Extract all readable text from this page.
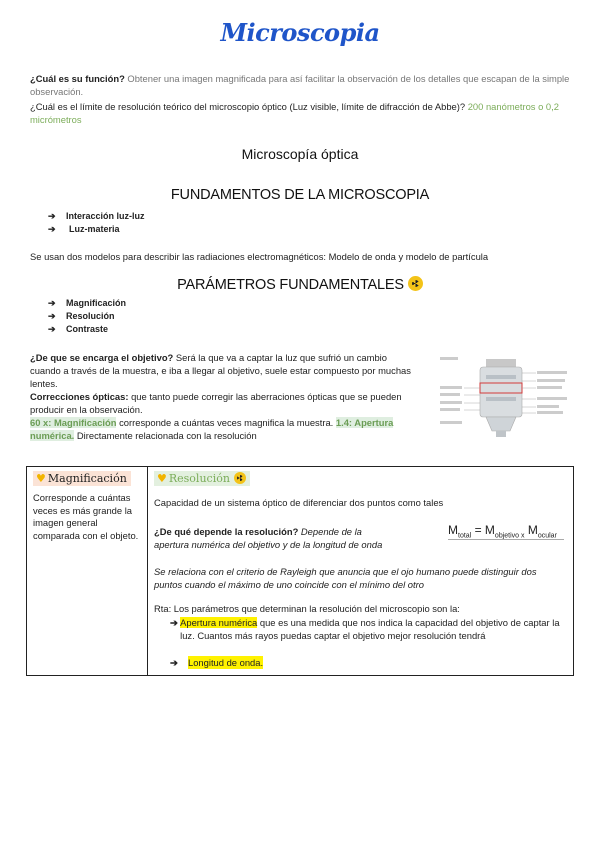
Microscopia
¿Cuál es su función? Obtener una imagen magnificada para así facilitar la observación de los detalles que escapan de la simple observación.
¿Cuál es el límite de resolución teórico del microscopio óptico (Luz visible, límite de difracción de Abbe)? 200 nanómetros o 0,2 micrómetros
Microscopía óptica
FUNDAMENTOS DE LA MICROSCOPIA
➔	Interacción luz-luz
➔	Luz-materia
Se usan dos modelos para describir las radiaciones electromagnéticos: Modelo de onda y modelo de partícula
PARÁMETROS FUNDAMENTALES
➔	Magnificación
➔	Resolución
➔	Contraste
¿De que se encarga el objetivo? Será la que va a captar la luz que sufrió un cambio cuando a través de la muestra, e iba a llegar al objetivo, suele estar compuesto por muchas lentes.
Correcciones ópticas: que tanto puede corregir las aberraciones ópticas que se pueden producir en la observación.
60 x: Magnificación corresponde a cuántas veces magnifica la muestra. 1.4: Apertura numérica. Directamente relacionada con la resolución
♥ Magnificación
Corresponde a cuántas veces es más grande la imagen general comparada con el objeto.
	♥ Resolución
Capacidad de un sistema óptico de diferenciar dos puntos como tales
¿De qué depende la resolución? Depende de la apertura numérica del objetivo y de la longitud de onda
Se relaciona con el criterio de Rayleigh que anuncia que el ojo humano puede distinguir dos puntos cuando el máximo de uno coincide con el mínimo del otro
Rta: Los parámetros que determinan la resolución del microscopio son la:
➔ Apertura numérica que es una medida que nos indica la capacidad del objetivo de captar la luz. Cuantos más rayos puedas captar el objetivo mejor resolución tendrá
➔	Longitud de onda.
$M_{total} = M_{objetivo x}$ $M_{ocular}$
